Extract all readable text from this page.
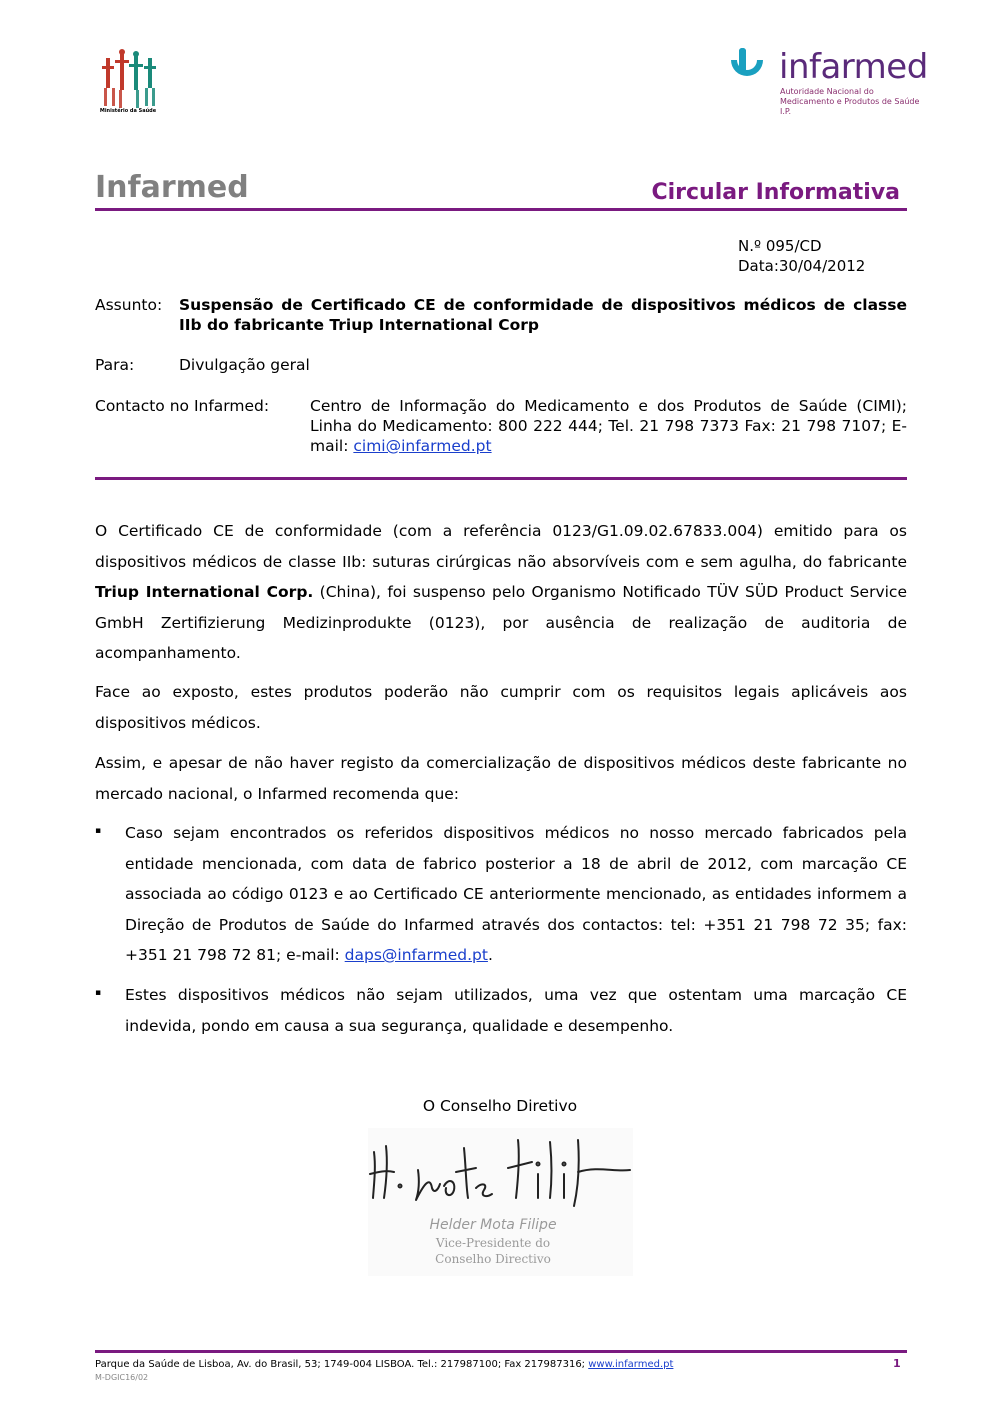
Ministério da Saúde
infarmed
Autoridade Nacional do Medicamento e Produtos de Saúde I.P.
Infarmed	Circular Informativa
N.º 095/CD
Data:30/04/2012
Assunto: Suspensão de Certificado CE de conformidade de dispositivos médicos de classe IIb do fabricante Triup International Corp
Para:	Divulgação geral
Contacto no Infarmed:	Centro de Informação do Medicamento e dos Produtos de Saúde (CIMI); Linha do Medicamento: 800 222 444; Tel. 21 798 7373 Fax: 21 798 7107; E-mail: cimi@infarmed.pt
O Certificado CE de conformidade (com a referência 0123/G1.09.02.67833.004) emitido para os dispositivos médicos de classe IIb: suturas cirúrgicas não absorvíveis com e sem agulha, do fabricante Triup International Corp. (China), foi suspenso pelo Organismo Notificado TÜV SÜD Product Service GmbH Zertifizierung Medizinprodukte (0123), por ausência de realização de auditoria de acompanhamento.
Face ao exposto, estes produtos poderão não cumprir com os requisitos legais aplicáveis aos dispositivos médicos.
Assim, e apesar de não haver registo da comercialização de dispositivos médicos deste fabricante no mercado nacional, o Infarmed recomenda que:
▪ Caso sejam encontrados os referidos dispositivos médicos no nosso mercado fabricados pela entidade mencionada, com data de fabrico posterior a 18 de abril de 2012, com marcação CE associada ao código 0123 e ao Certificado CE anteriormente mencionado, as entidades informem a Direção de Produtos de Saúde do Infarmed através dos contactos: tel: +351 21 798 72 35; fax: +351 21 798 72 81; e-mail: daps@infarmed.pt.
▪ Estes dispositivos médicos não sejam utilizados, uma vez que ostentam uma marcação CE indevida, pondo em causa a sua segurança, qualidade e desempenho.
O Conselho Diretivo
Helder Mota Filipe
Vice-Presidente do
Conselho Directivo
Parque da Saúde de Lisboa, Av. do Brasil, 53; 1749-004 LISBOA. Tel.: 217987100; Fax 217987316; www.infarmed.pt	1
M-DGIC16/02
